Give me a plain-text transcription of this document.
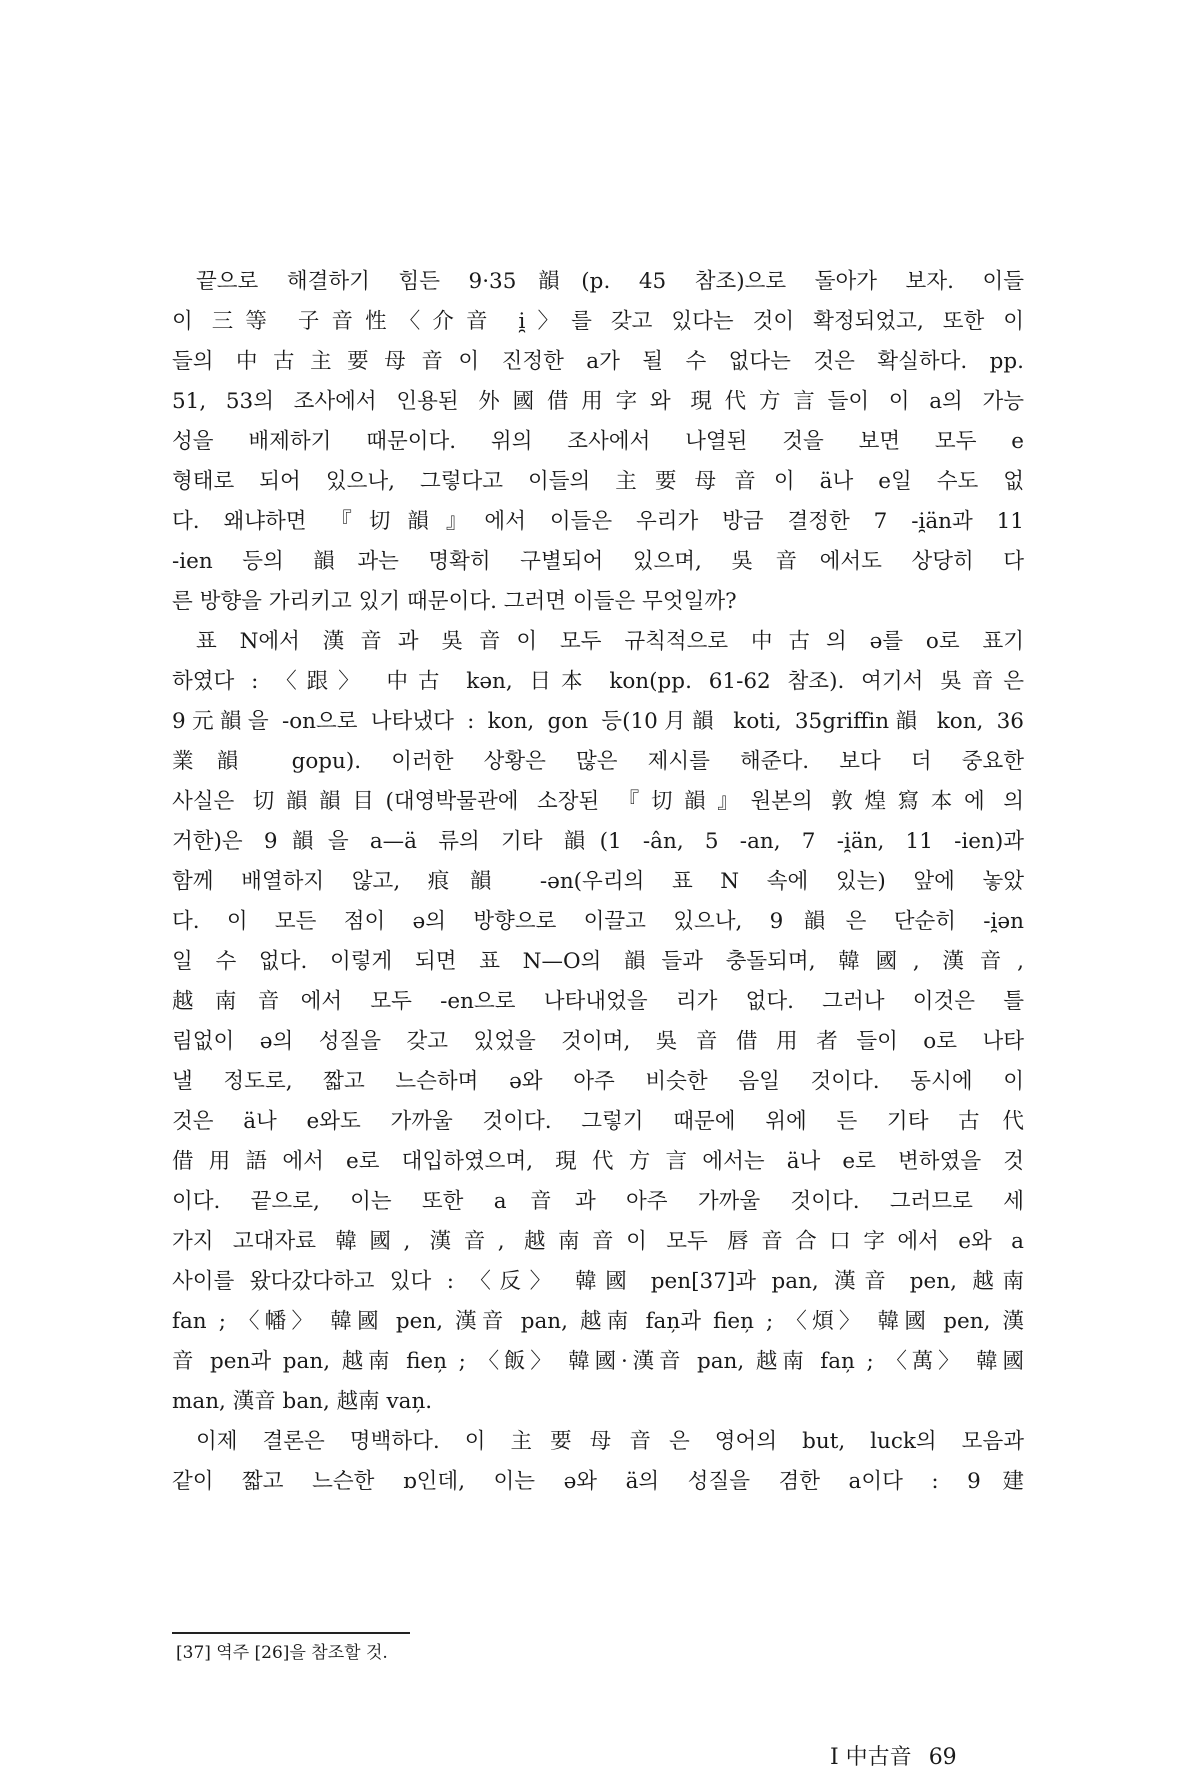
끝으로 해결하기 힘든 9·35韻(p. 45 참조)으로 돌아가 보자. 이들
이 三等 子音性〈介音 i̯〉를 갖고 있다는 것이 확정되었고, 또한 이
들의 中古主要母音이 진정한 a가 될 수 없다는 것은 확실하다. pp.
51, 53의 조사에서 인용된 外國借用字와 現代方言들이 이 a의 가능
성을 배제하기 때문이다. 위의 조사에서 나열된 것을 보면 모두 e
형태로 되어 있으나, 그렇다고 이들의 主要母音이 ä나 e일 수도 없
다. 왜냐하면 『切韻』에서 이들은 우리가 방금 결정한 7 -i̯än과 11
-ien 등의 韻과는 명확히 구별되어 있으며, 吳音에서도 상당히 다
른 방향을 가리키고 있기 때문이다. 그러면 이들은 무엇일까?
표 N에서 漢音과 吳音이 모두 규칙적으로 中古의 ə를 o로 표기
하였다 : 〈跟〉 中古 kən, 日本 kon(pp. 61-62 참조). 여기서 吳音은
9元韻을 -on으로 나타냈다 : kon, gon 등(10月韻 koti, 35griffin韻 kon, 36
業韻 gopu). 이러한 상황은 많은 제시를 해준다. 보다 더 중요한
사실은 切韻韻目(대영박물관에 소장된 『切韻』원본의 敦煌寫本에 의
거한)은 9韻을 a—ä 류의 기타 韻(1 -ân, 5 -an, 7 -i̯än, 11 -ien)과
함께 배열하지 않고, 痕韻 -ən(우리의 표 N 속에 있는) 앞에 놓았
다. 이 모든 점이 ə의 방향으로 이끌고 있으나, 9韻은 단순히 -i̯ən
일 수 없다. 이렇게 되면 표 N—O의 韻들과 충돌되며, 韓國, 漢音,
越南音에서 모두 -en으로 나타내었을 리가 없다. 그러나 이것은 틀
림없이 ə의 성질을 갖고 있었을 것이며, 吳音借用者들이 o로 나타
낼 정도로, 짧고 느슨하며 ə와 아주 비슷한 음일 것이다. 동시에 이
것은 ä나 e와도 가까울 것이다. 그렇기 때문에 위에 든 기타 古代
借用語에서 e로 대입하였으며, 現代方言에서는 ä나 e로 변하였을 것
이다. 끝으로, 이는 또한 a音과 아주 가까울 것이다. 그러므로 세
가지 고대자료 韓國, 漢音, 越南音이 모두 唇音合口字에서 e와 a
사이를 왔다갔다하고 있다 : 〈反〉 韓國 pen[37]과 pan, 漢音 pen, 越南
fan ; 〈幡〉 韓國 pen, 漢音 pan, 越南 fan̦과 fien̦ ; 〈煩〉 韓國 pen, 漢
音 pen과 pan, 越南 fien̦ ; 〈飯〉 韓國·漢音 pan, 越南 fan̦ ; 〈萬〉 韓國
man, 漢音 ban, 越南 van̦.
이제 결론은 명백하다. 이 主要母音은 영어의 but, luck의 모음과
같이 짧고 느슨한 ɒ인데, 이는 ə와 ä의 성질을 겸한 a이다 : 9建
[37] 역주 [26]을 참조할 것.
I 中古音 69
